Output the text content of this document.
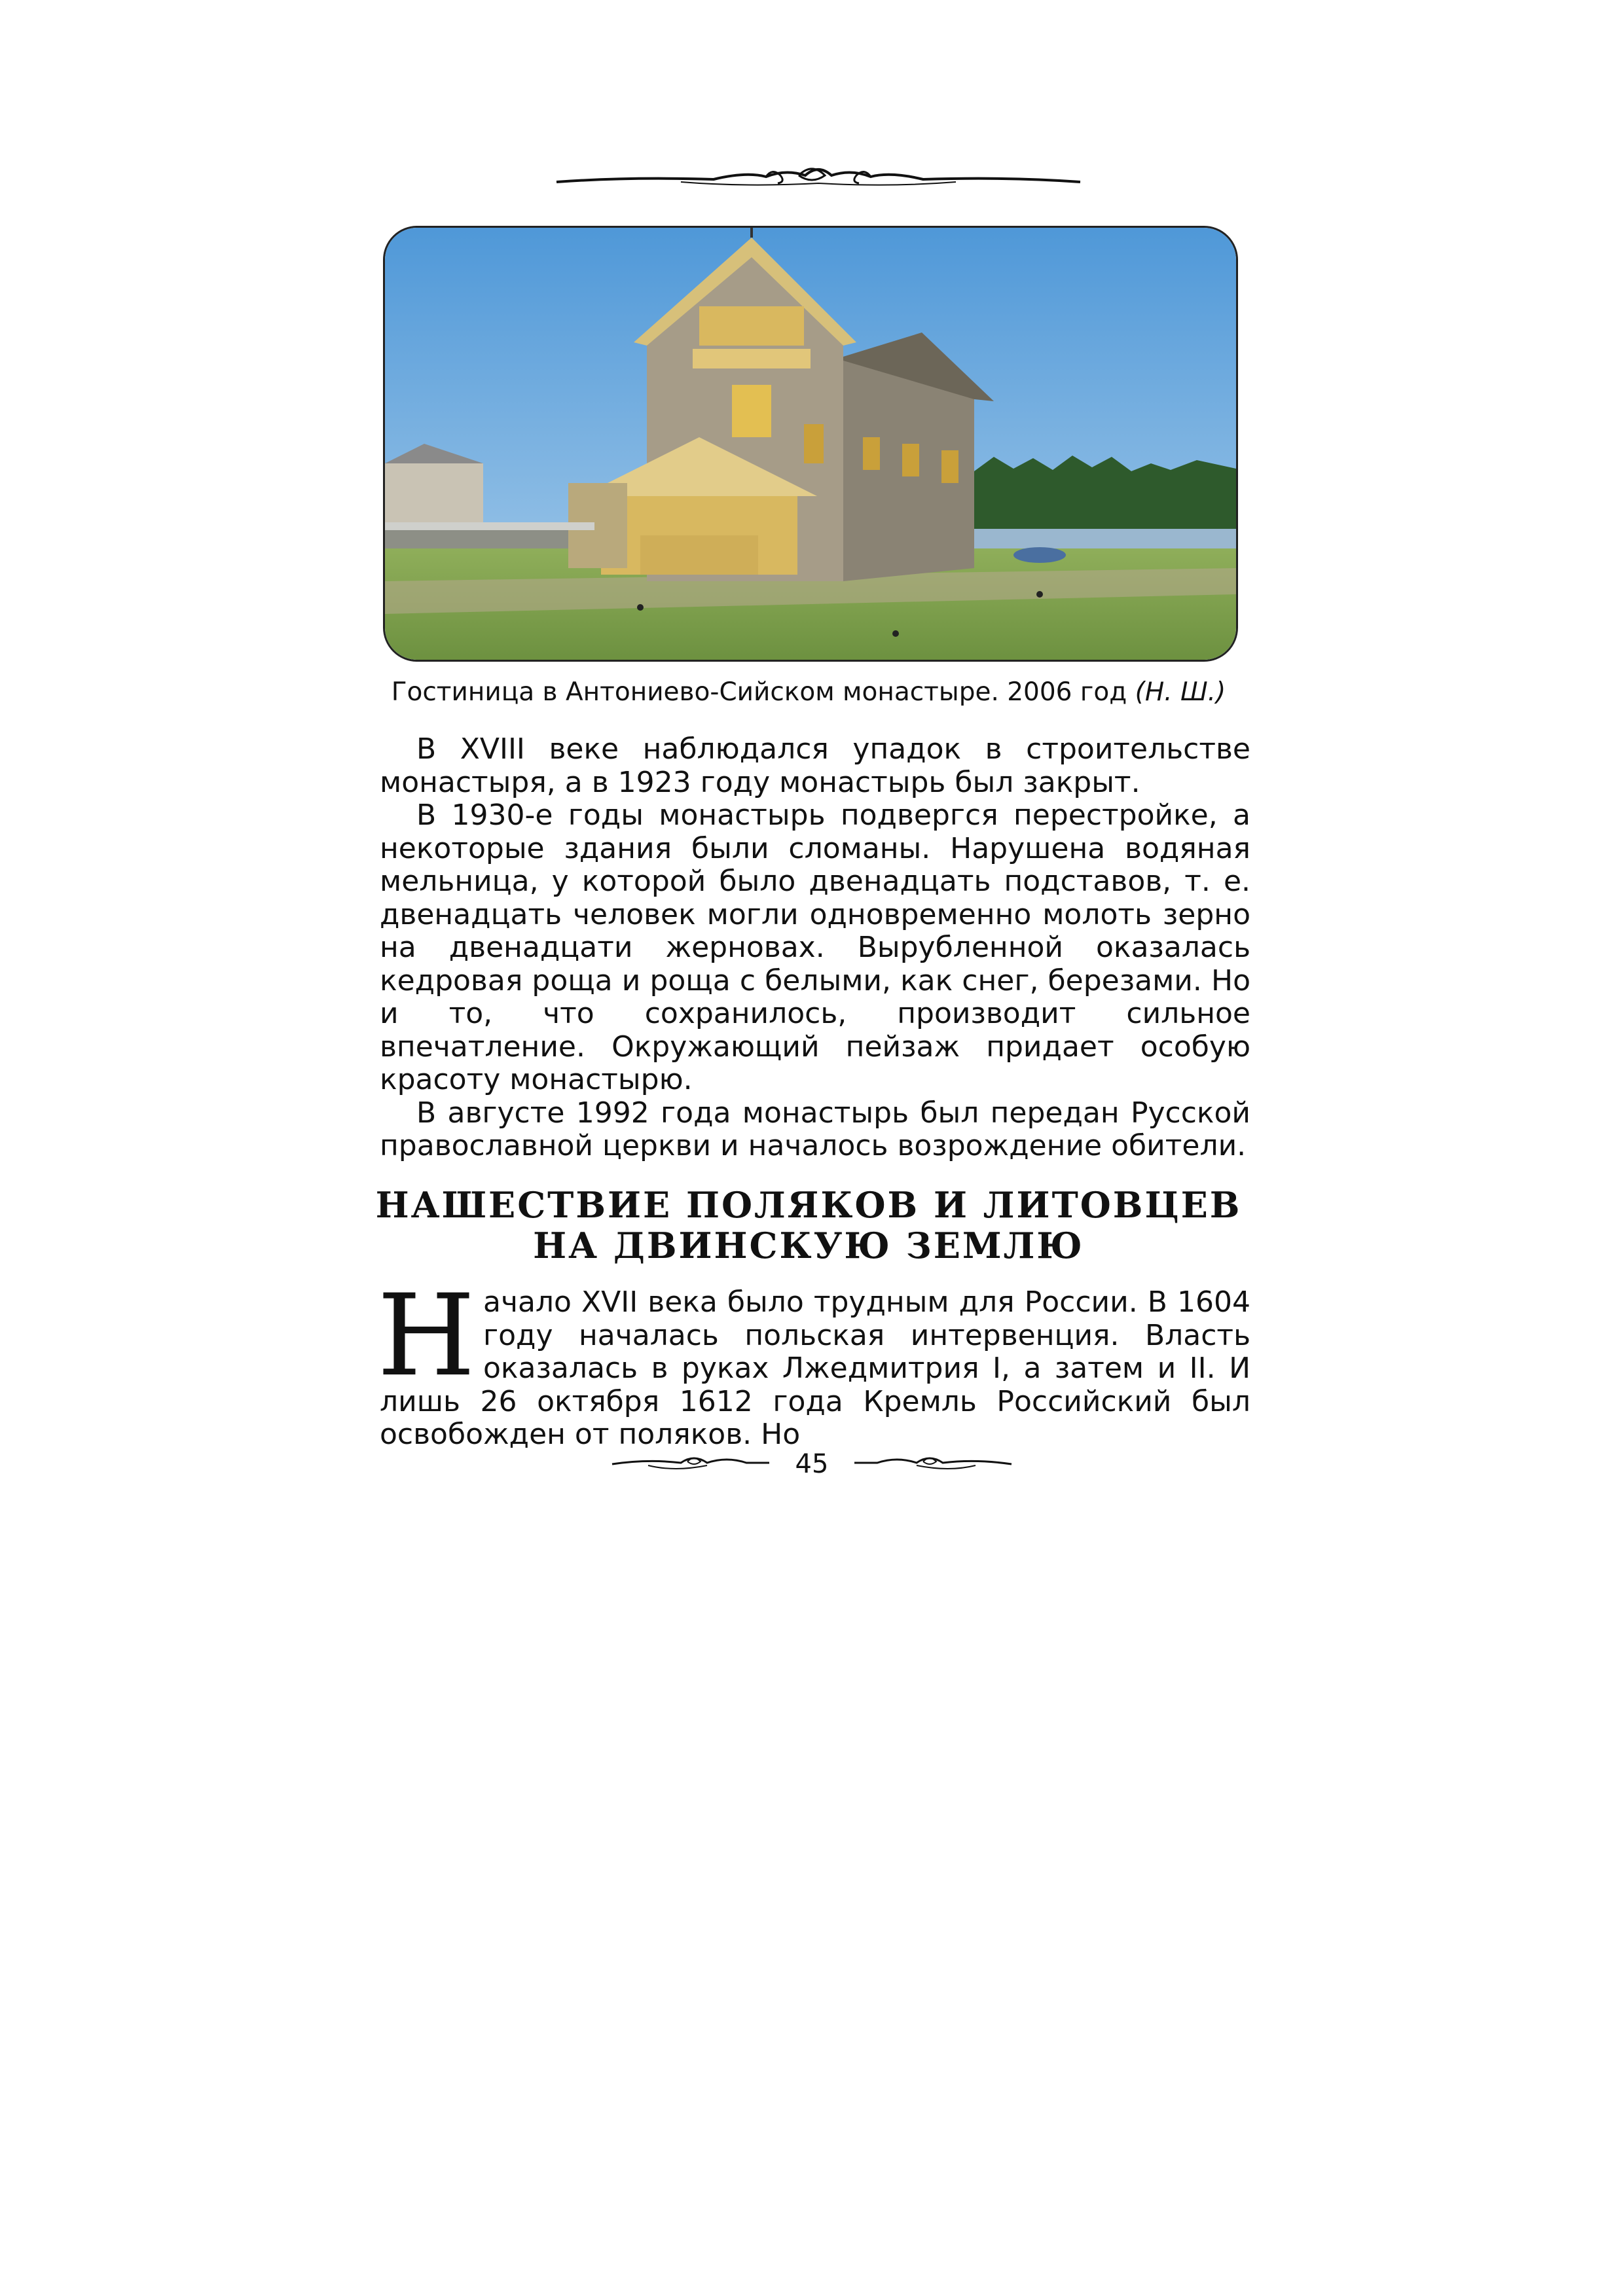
Гостиница в Антониево-Сийском монастыре. 2006 год (Н. Ш.)

В XVIII веке наблюдался упадок в строительстве монастыря, а в 1923 году монастырь был закрыт.

В 1930-е годы монастырь подвергся перестройке, а некоторые здания были сломаны. Нарушена водяная мельница, у которой было двенадцать подставов, т. е. двенадцать человек могли одновременно молоть зерно на двенадцати жерновах. Вырубленной оказалась кедровая роща и роща с белыми, как снег, березами. Но и то, что сохранилось, производит сильное впечатление. Окружающий пейзаж придает особую красоту монастырю.

В августе 1992 года монастырь был передан Русской православной церкви и началось возрождение обители.

НАШЕСТВИЕ ПОЛЯКОВ И ЛИТОВЦЕВ
НА ДВИНСКУЮ ЗЕМЛЮ
Н ачало XVII века было трудным для России. В 1604 году началась польская интервенция. Власть оказалась в руках Лжедмитрия I, а затем и II. И лишь 26 октября 1612 года Кремль Российский был освобожден от поляков. Но
45
